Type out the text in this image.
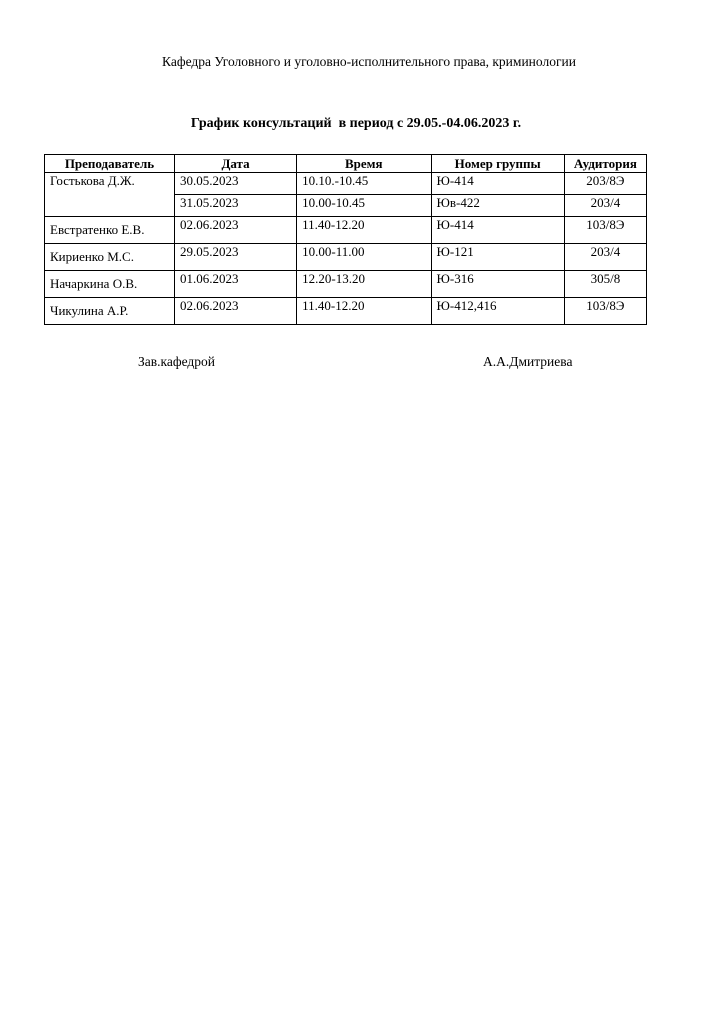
Кафедра Уголовного и уголовно-исполнительного права, криминологии
График консультаций  в период с 29.05.-04.06.2023 г.
Преподаватель	Дата	Время	Номер группы	Аудитория
Гостькова Д.Ж.	30.05.2023	10.10.-10.45	Ю-414	203/8Э
	31.05.2023	10.00-10.45	Юв-422	203/4
Евстратенко Е.В.	02.06.2023	11.40-12.20	Ю-414	103/8Э
Кириенко М.С.	29.05.2023	10.00-11.00	Ю-121	203/4
Начаркина О.В.	01.06.2023	12.20-13.20	Ю-316	305/8
Чикулина А.Р.	02.06.2023	11.40-12.20	Ю-412,416	103/8Э
Зав.кафедрой	А.А.Дмитриева
